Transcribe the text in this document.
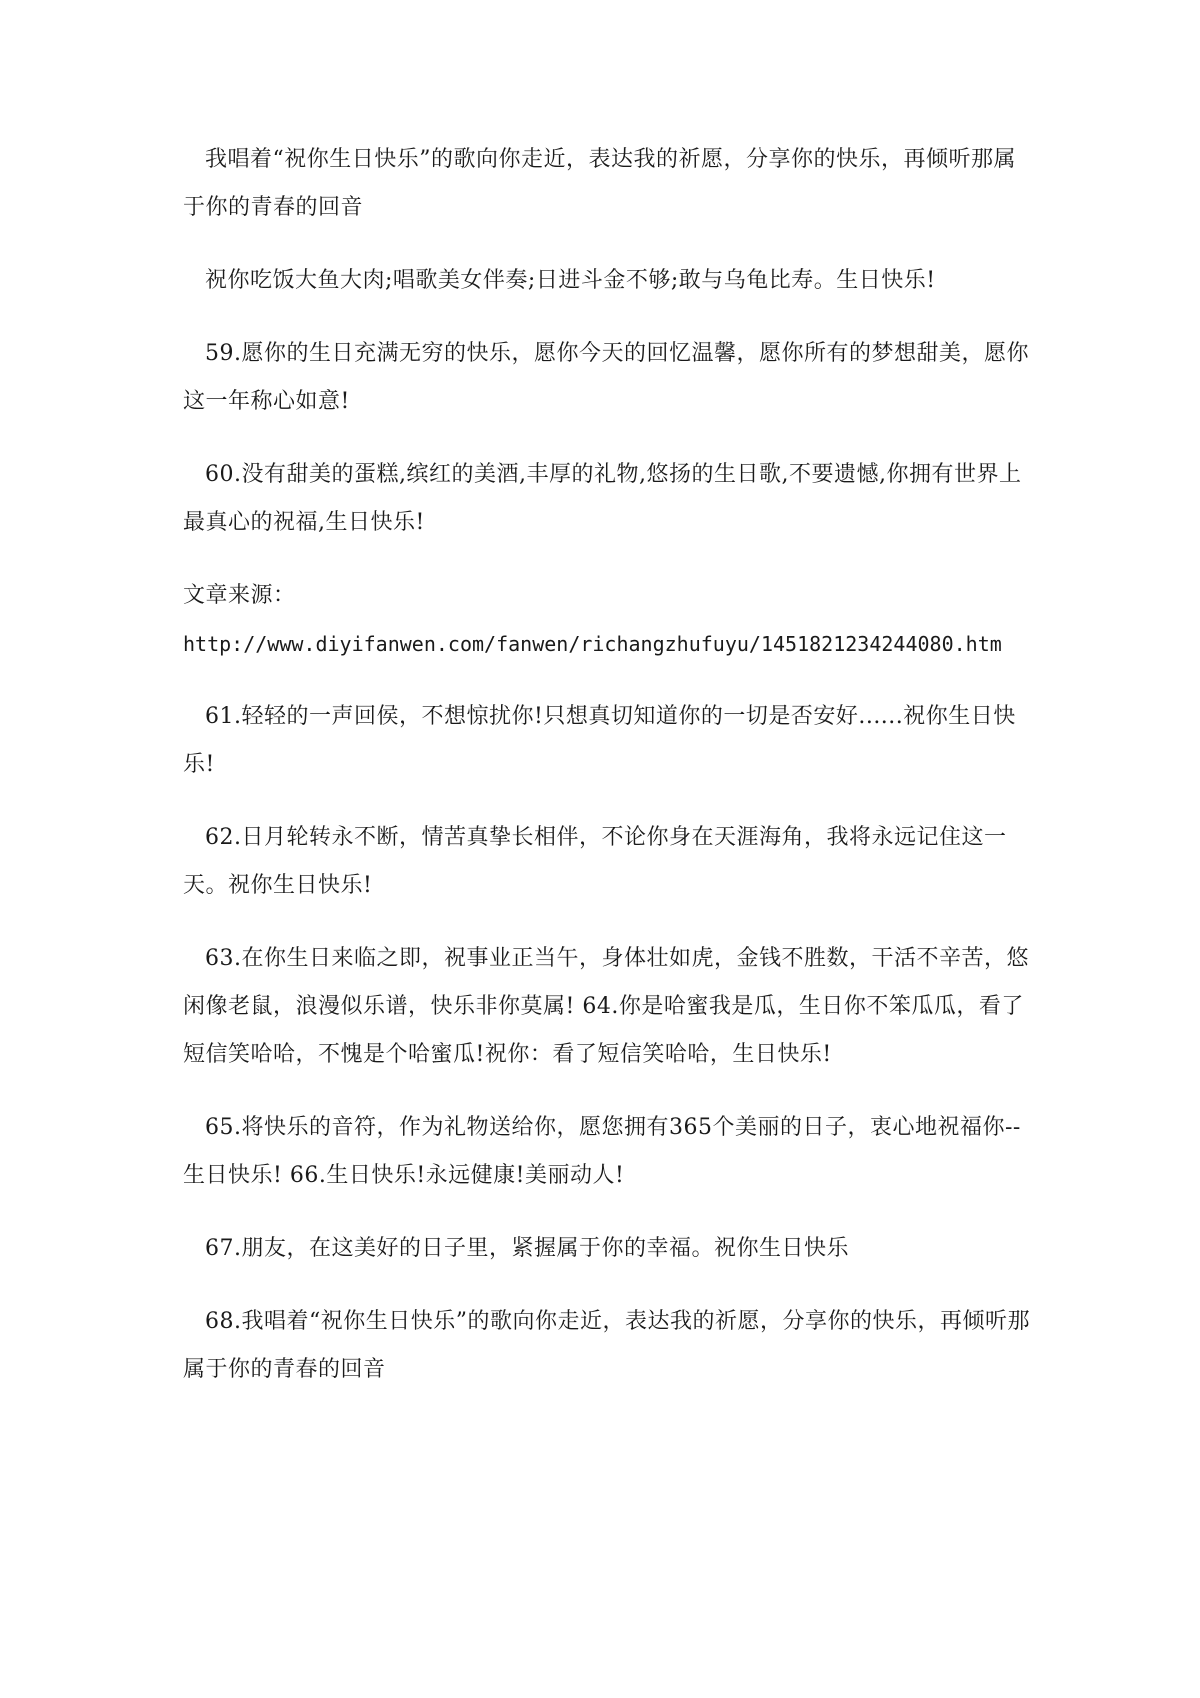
我唱着“祝你生日快乐”的歌向你走近，表达我的祈愿，分享你的快乐，再倾听那属于你的青春的回音

祝你吃饭大鱼大肉;唱歌美女伴奏;日进斗金不够;敢与乌龟比寿。生日快乐!

59.愿你的生日充满无穷的快乐，愿你今天的回忆温馨，愿你所有的梦想甜美，愿你这一年称心如意!

60.没有甜美的蛋糕,缤红的美酒,丰厚的礼物,悠扬的生日歌,不要遗憾,你拥有世界上最真心的祝福,生日快乐!

文章来源：
http://www.diyifanwen.com/fanwen/richangzhufuyu/1451821234244080.htm

61.轻轻的一声回侯，不想惊扰你!只想真切知道你的一切是否安好......祝你生日快乐!

62.日月轮转永不断，情苦真挚长相伴，不论你身在天涯海角，我将永远记住这一天。祝你生日快乐!

63.在你生日来临之即，祝事业正当午，身体壮如虎，金钱不胜数，干活不辛苦，悠闲像老鼠，浪漫似乐谱，快乐非你莫属! 64.你是哈蜜我是瓜，生日你不笨瓜瓜，看了短信笑哈哈，不愧是个哈蜜瓜!祝你：看了短信笑哈哈，生日快乐!

65.将快乐的音符，作为礼物送给你，愿您拥有365个美丽的日子，衷心地祝福你--生日快乐! 66.生日快乐!永远健康!美丽动人!

67.朋友，在这美好的日子里，紧握属于你的幸福。祝你生日快乐

68.我唱着“祝你生日快乐”的歌向你走近，表达我的祈愿，分享你的快乐，再倾听那属于你的青春的回音
